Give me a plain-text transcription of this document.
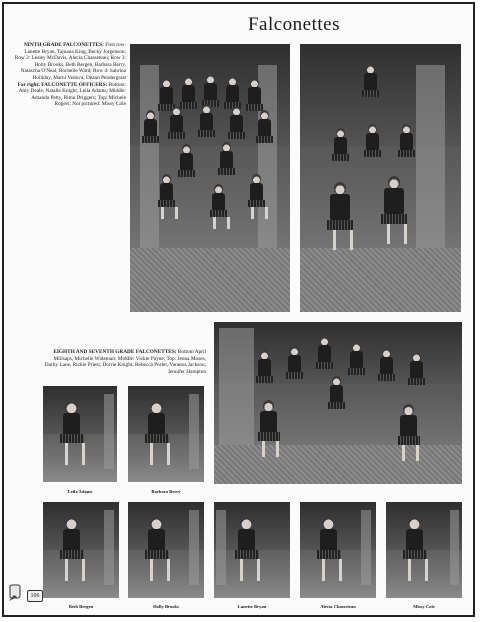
Falconettes
NINTH GRADE FALCONETTES: First row: Lanette Bryan, Tajuana King, Becky Jorgenson; Row 2: Lesley McDavis, Alecia Chasseteau; Row 3: Holly Brooks, Beth Bergen, Barbara Berry, Natascha O'Neal, Rochelle Ward; Row 4: Sabrina Holliday, Marni Vedova, Deann Pendergrast
Far right: FALCONETTE OFFICERS: Bottom: Amy Deale, Natalie Knight, Leila Adams; Middle: Amanda Petty, Rima Driggers; Top: Michele Rogers; Not pictured: Missy Cole
EIGHTH AND SEVENTH GRADE FALCONETTES: Bottom April Millsaps, Michelle Wideman; Middle: Vickie Payne; Top: Jenna Moses, Darby Lane, Rickie Priest, Dorrie Knight, Rebecca Porter, Vanessa Jackson, Jennifer Hampton
Leila Adams	Barbara Berry
Beth Bergen	Holly Brooks	Lanette Bryan	Alecia Chasseteau	Missy Cole
106
